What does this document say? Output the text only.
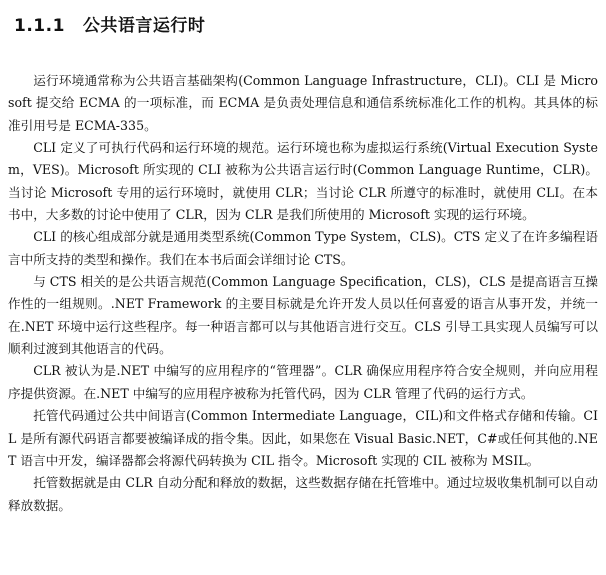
1.1.1 公共语言运行时

运行环境通常称为公共语言基础架构(Common Language Infrastructure，CLI)。CLI 是 Microsoft 提交给 ECMA 的一项标准，而 ECMA 是负责处理信息和通信系统标准化工作的机构。其具体的标准引用号是 ECMA-335。

CLI 定义了可执行代码和运行环境的规范。运行环境也称为虚拟运行系统(Virtual Execution System，VES)。Microsoft 所实现的 CLI 被称为公共语言运行时(Common Language Runtime，CLR)。当讨论 Microsoft 专用的运行环境时，就使用 CLR；当讨论 CLR 所遵守的标准时，就使用 CLI。在本书中，大多数的讨论中使用了 CLR，因为 CLR 是我们所使用的 Microsoft 实现的运行环境。

CLI 的核心组成部分就是通用类型系统(Common Type System，CLS)。CTS 定义了在许多编程语言中所支持的类型和操作。我们在本书后面会详细讨论 CTS。

与 CTS 相关的是公共语言规范(Common Language Specification，CLS)，CLS 是提高语言互操作性的一组规则。.NET Framework 的主要目标就是允许开发人员以任何喜爱的语言从事开发，并统一在.NET 环境中运行这些程序。每一种语言都可以与其他语言进行交互。CLS 引导工具实现人员编写可以顺利过渡到其他语言的代码。

CLR 被认为是.NET 中编写的应用程序的“管理器”。CLR 确保应用程序符合安全规则，并向应用程序提供资源。在.NET 中编写的应用程序被称为托管代码，因为 CLR 管理了代码的运行方式。

托管代码通过公共中间语言(Common Intermediate Language，CIL)和文件格式存储和传输。CIL 是所有源代码语言都要被编译成的指令集。因此，如果您在 Visual Basic.NET，C#或任何其他的.NET 语言中开发，编译器都会将源代码转换为 CIL 指令。Microsoft 实现的 CIL 被称为 MSIL。

托管数据就是由 CLR 自动分配和释放的数据，这些数据存储在托管堆中。通过垃圾收集机制可以自动释放数据。
